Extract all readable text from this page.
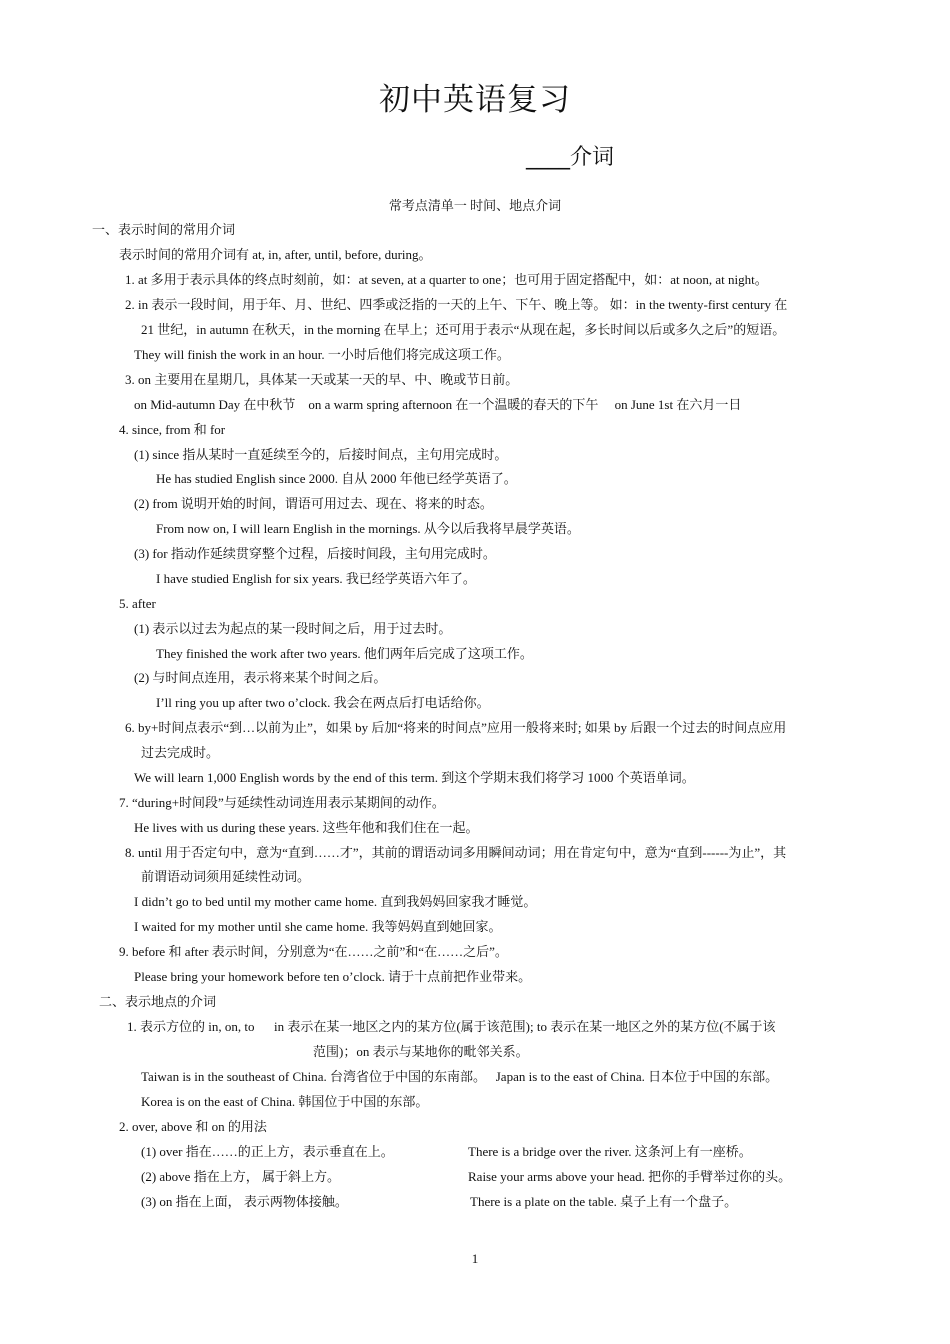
初中英语复习
____介词
常考点清单一 时间、地点介词
一、表示时间的常用介词
表示时间的常用介词有 at, in, after, until, before, during。
1. at 多用于表示具体的终点时刻前，如：at seven, at a quarter to one；也可用于固定搭配中，如：at noon, at night。
2. in 表示一段时间，用于年、月、世纪、四季或泛指的一天的上午、下午、晚上等。 如：in the twenty-first century 在
21 世纪，in autumn 在秋天，in the morning 在早上；还可用于表示“从现在起，多长时间以后或多久之后”的短语。
They will finish the work in an hour. 一小时后他们将完成这项工作。
3. on 主要用在星期几，具体某一天或某一天的早、中、晚或节日前。
on Mid-autumn Day 在中秋节    on a warm spring afternoon 在一个温暖的春天的下午     on June 1st 在六月一日
4. since, from 和 for
(1) since 指从某时一直延续至今的，后接时间点，主句用完成时。
He has studied English since 2000. 自从 2000 年他已经学英语了。
(2) from 说明开始的时间，谓语可用过去、现在、将来的时态。
From now on, I will learn English in the mornings. 从今以后我将早晨学英语。
(3) for 指动作延续贯穿整个过程，后接时间段，主句用完成时。
I have studied English for six years. 我已经学英语六年了。
5. after
(1) 表示以过去为起点的某一段时间之后，用于过去时。
They finished the work after two years. 他们两年后完成了这项工作。
(2) 与时间点连用，表示将来某个时间之后。
I’ll ring you up after two o’clock. 我会在两点后打电话给你。
6. by+时间点表示“到…以前为止”，如果 by 后加“将来的时间点”应用一般将来时; 如果 by 后跟一个过去的时间点应用
过去完成时。
We will learn 1,000 English words by the end of this term. 到这个学期末我们将学习 1000 个英语单词。
7. “during+时间段”与延续性动词连用表示某期间的动作。
He lives with us during these years. 这些年他和我们住在一起。
8. until 用于否定句中，意为“直到……才”，其前的谓语动词多用瞬间动词；用在肯定句中，意为“直到------为止”，其
前谓语动词须用延续性动词。
I didn’t go to bed until my mother came home. 直到我妈妈回家我才睡觉。
I waited for my mother until she came home. 我等妈妈直到她回家。
9. before 和 after 表示时间，分别意为“在……之前”和“在……之后”。
Please bring your homework before ten o’clock. 请于十点前把作业带来。
二、表示地点的介词
1. 表示方位的 in, on, to      in 表示在某一地区之内的某方位(属于该范围); to 表示在某一地区之外的某方位(不属于该
范围)；on 表示与某地你的毗邻关系。
Taiwan is in the southeast of China. 台湾省位于中国的东南部。   Japan is to the east of China. 日本位于中国的东部。
Korea is on the east of China. 韩国位于中国的东部。
2. over, above 和 on 的用法
(1) over 指在……的正上方，表示垂直在上。	There is a bridge over the river. 这条河上有一座桥。
(2) above 指在上方， 属于斜上方。	Raise your arms above your head. 把你的手臂举过你的头。
(3) on 指在上面， 表示两物体接触。	There is a plate on the table. 桌子上有一个盘子。
1
